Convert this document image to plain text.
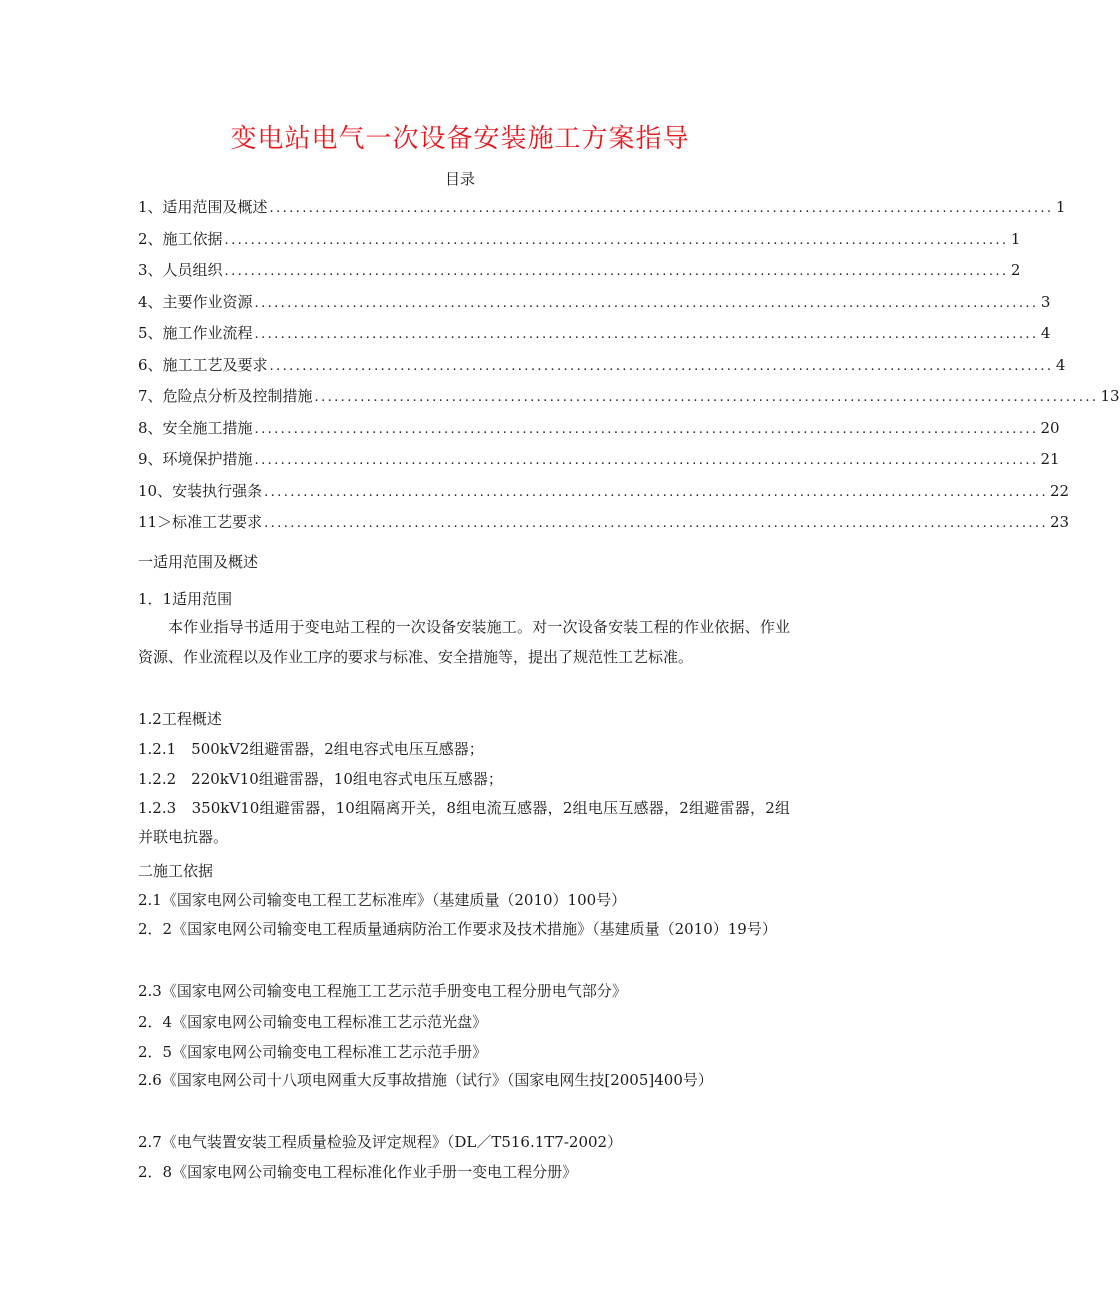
变电站电气一次设备安装施工方案指导
目录
1、适用范围及概述 ........................................................................................................................ 1
2、施工依据 ........................................................................................................................ 1
3、人员组织 ........................................................................................................................ 2
4、主要作业资源 ........................................................................................................................ 3
5、施工作业流程 ........................................................................................................................ 4
6、施工工艺及要求 ........................................................................................................................ 4
7、危险点分析及控制措施 ........................................................................................................................ 13
8、安全施工措施 ........................................................................................................................ 20
9、环境保护措施 ........................................................................................................................ 21
10、安装执行强条 ........................................................................................................................ 22
11＞标准工艺要求 ........................................................................................................................ 23
一适用范围及概述
1．1适用范围

本作业指导书适用于变电站工程的一次设备安装施工。对一次设备安装工程的作业依据、作业资源、作业流程以及作业工序的要求与标准、安全措施等，提出了规范性工艺标准。

1.2工程概述
1.2.1　500kV2组避雷器，2组电容式电压互感器；
1.2.2　220kV10组避雷器，10组电容式电压互感器；

1.2.3　350kV10组避雷器，10组隔离开关，8组电流互感器，2组电压互感器，2组避雷器，2组并联电抗器。

二施工依据
2.1《国家电网公司输变电工程工艺标准库》（基建质量（2010）100号）

2．2《国家电网公司输变电工程质量通病防治工作要求及技术措施》（基建质量（2010）19号）

2.3《国家电网公司输变电工程施工工艺示范手册变电工程分册电气部分》
2．4《国家电网公司输变电工程标准工艺示范光盘》
2．5《国家电网公司输变电工程标准工艺示范手册》

2.6《国家电网公司十八项电网重大反事故措施（试行》（国家电网生技[2005]400号）

2.7《电气装置安装工程质量检验及评定规程》（DL／T516.1T7-2002）
2．8《国家电网公司输变电工程标准化作业手册一变电工程分册》
